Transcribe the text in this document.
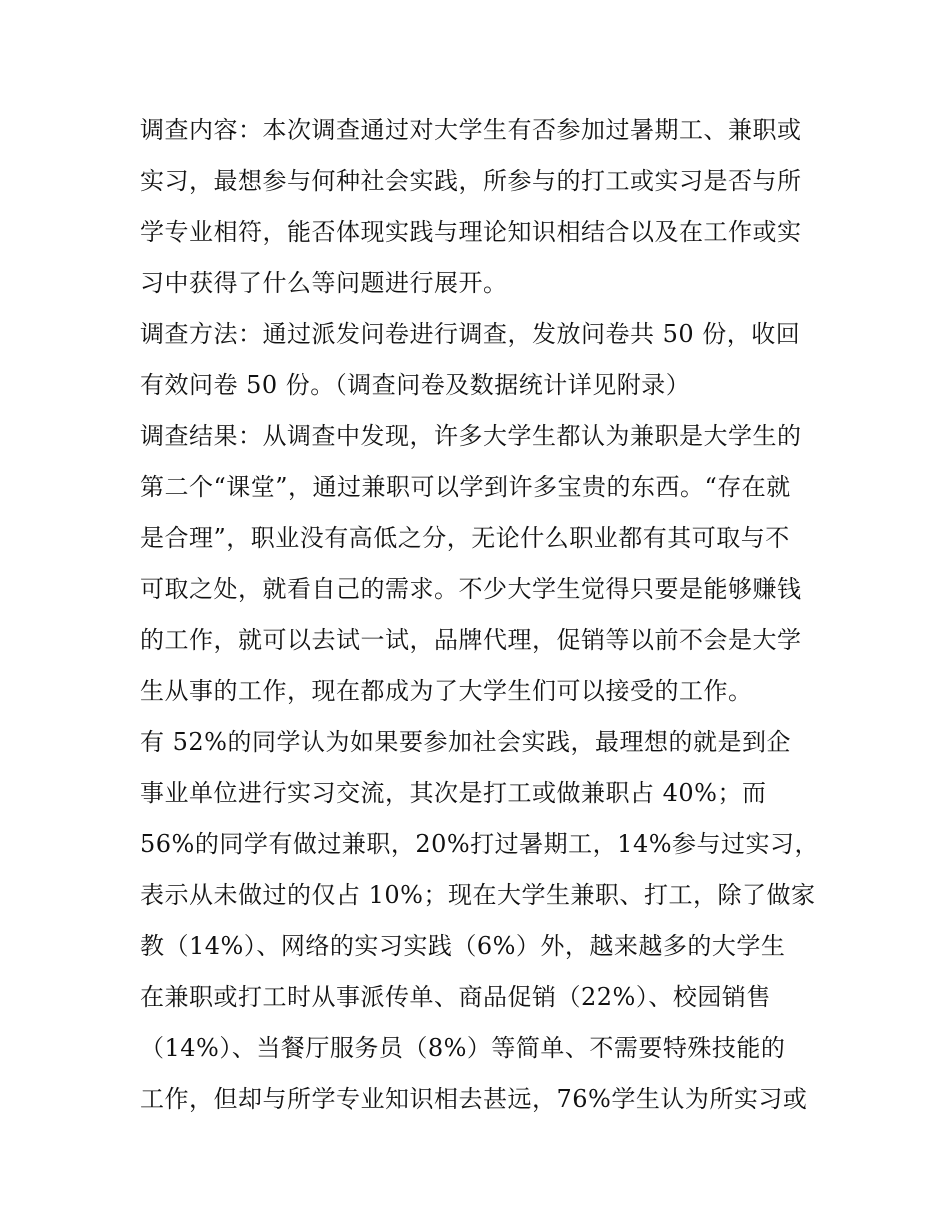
调查内容：本次调查通过对大学生有否参加过暑期工、兼职或
实习，最想参与何种社会实践，所参与的打工或实习是否与所
学专业相符，能否体现实践与理论知识相结合以及在工作或实
习中获得了什么等问题进行展开。
调查方法：通过派发问卷进行调查，发放问卷共 50 份，收回
有效问卷 50 份。（调查问卷及数据统计详见附录）
调查结果：从调查中发现，许多大学生都认为兼职是大学生的
第二个“课堂”，通过兼职可以学到许多宝贵的东西。“存在就
是合理”，职业没有高低之分，无论什么职业都有其可取与不
可取之处，就看自己的需求。不少大学生觉得只要是能够赚钱
的工作，就可以去试一试，品牌代理，促销等以前不会是大学
生从事的工作，现在都成为了大学生们可以接受的工作。
有 52%的同学认为如果要参加社会实践，最理想的就是到企
事业单位进行实习交流，其次是打工或做兼职占 40%；而
56%的同学有做过兼职，20%打过暑期工，14%参与过实习，
表示从未做过的仅占 10%；现在大学生兼职、打工，除了做家
教（14%）、网络的实习实践（6%）外，越来越多的大学生
在兼职或打工时从事派传单、商品促销（22%）、校园销售
（14%）、当餐厅服务员（8%）等简单、不需要特殊技能的
工作，但却与所学专业知识相去甚远，76%学生认为所实习或
